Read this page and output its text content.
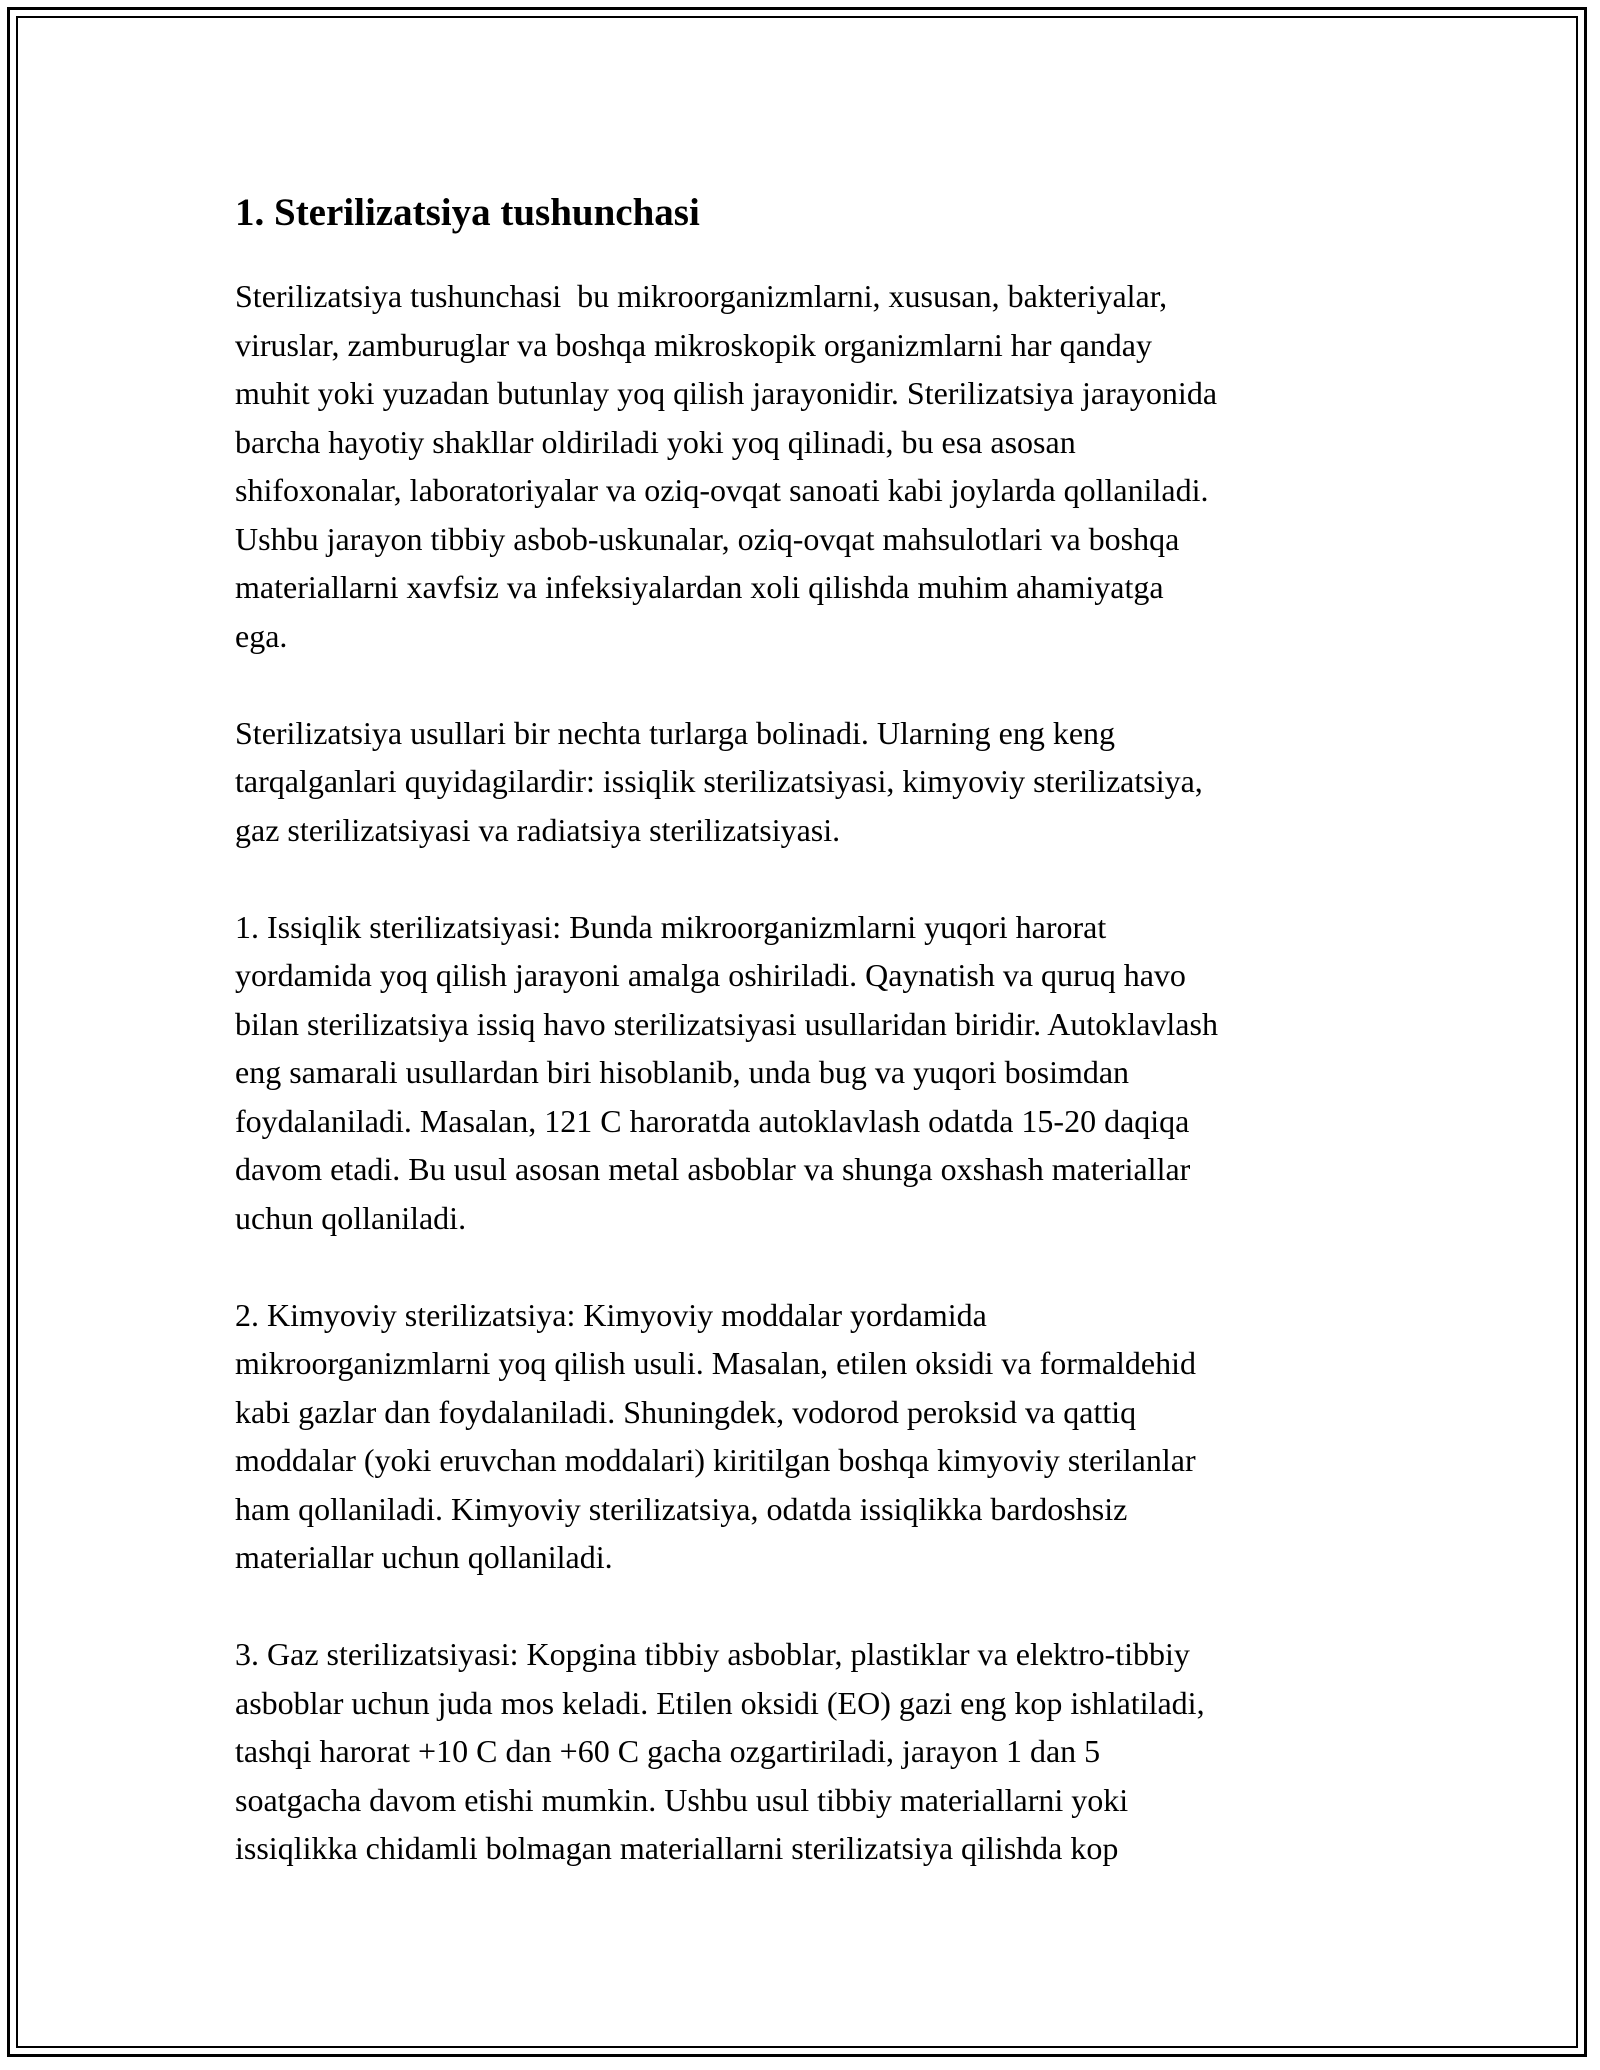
1. Sterilizatsiya tushunchasi
Sterilizatsiya tushunchasi  bu mikroorganizmlarni, xususan, bakteriyalar,
viruslar, zamburuglar va boshqa mikroskopik organizmlarni har qanday
muhit yoki yuzadan butunlay yoq qilish jarayonidir. Sterilizatsiya jarayonida
barcha hayotiy shakllar oldiriladi yoki yoq qilinadi, bu esa asosan
shifoxonalar, laboratoriyalar va oziq-ovqat sanoati kabi joylarda qollaniladi.
Ushbu jarayon tibbiy asbob-uskunalar, oziq-ovqat mahsulotlari va boshqa
materiallarni xavfsiz va infeksiyalardan xoli qilishda muhim ahamiyatga
ega.
Sterilizatsiya usullari bir nechta turlarga bolinadi. Ularning eng keng
tarqalganlari quyidagilardir: issiqlik sterilizatsiyasi, kimyoviy sterilizatsiya,
gaz sterilizatsiyasi va radiatsiya sterilizatsiyasi.
1. Issiqlik sterilizatsiyasi: Bunda mikroorganizmlarni yuqori harorat
yordamida yoq qilish jarayoni amalga oshiriladi. Qaynatish va quruq havo
bilan sterilizatsiya issiq havo sterilizatsiyasi usullaridan biridir. Autoklavlash
eng samarali usullardan biri hisoblanib, unda bug va yuqori bosimdan
foydalaniladi. Masalan, 121 C haroratda autoklavlash odatda 15-20 daqiqa
davom etadi. Bu usul asosan metal asboblar va shunga oxshash materiallar
uchun qollaniladi.
2. Kimyoviy sterilizatsiya: Kimyoviy moddalar yordamida
mikroorganizmlarni yoq qilish usuli. Masalan, etilen oksidi va formaldehid
kabi gazlar dan foydalaniladi. Shuningdek, vodorod peroksid va qattiq
moddalar (yoki eruvchan moddalari) kiritilgan boshqa kimyoviy sterilanlar
ham qollaniladi. Kimyoviy sterilizatsiya, odatda issiqlikka bardoshsiz
materiallar uchun qollaniladi.
3. Gaz sterilizatsiyasi: Kopgina tibbiy asboblar, plastiklar va elektro-tibbiy
asboblar uchun juda mos keladi. Etilen oksidi (EO) gazi eng kop ishlatiladi,
tashqi harorat +10 C dan +60 C gacha ozgartiriladi, jarayon 1 dan 5
soatgacha davom etishi mumkin. Ushbu usul tibbiy materiallarni yoki
issiqlikka chidamli bolmagan materiallarni sterilizatsiya qilishda kop
